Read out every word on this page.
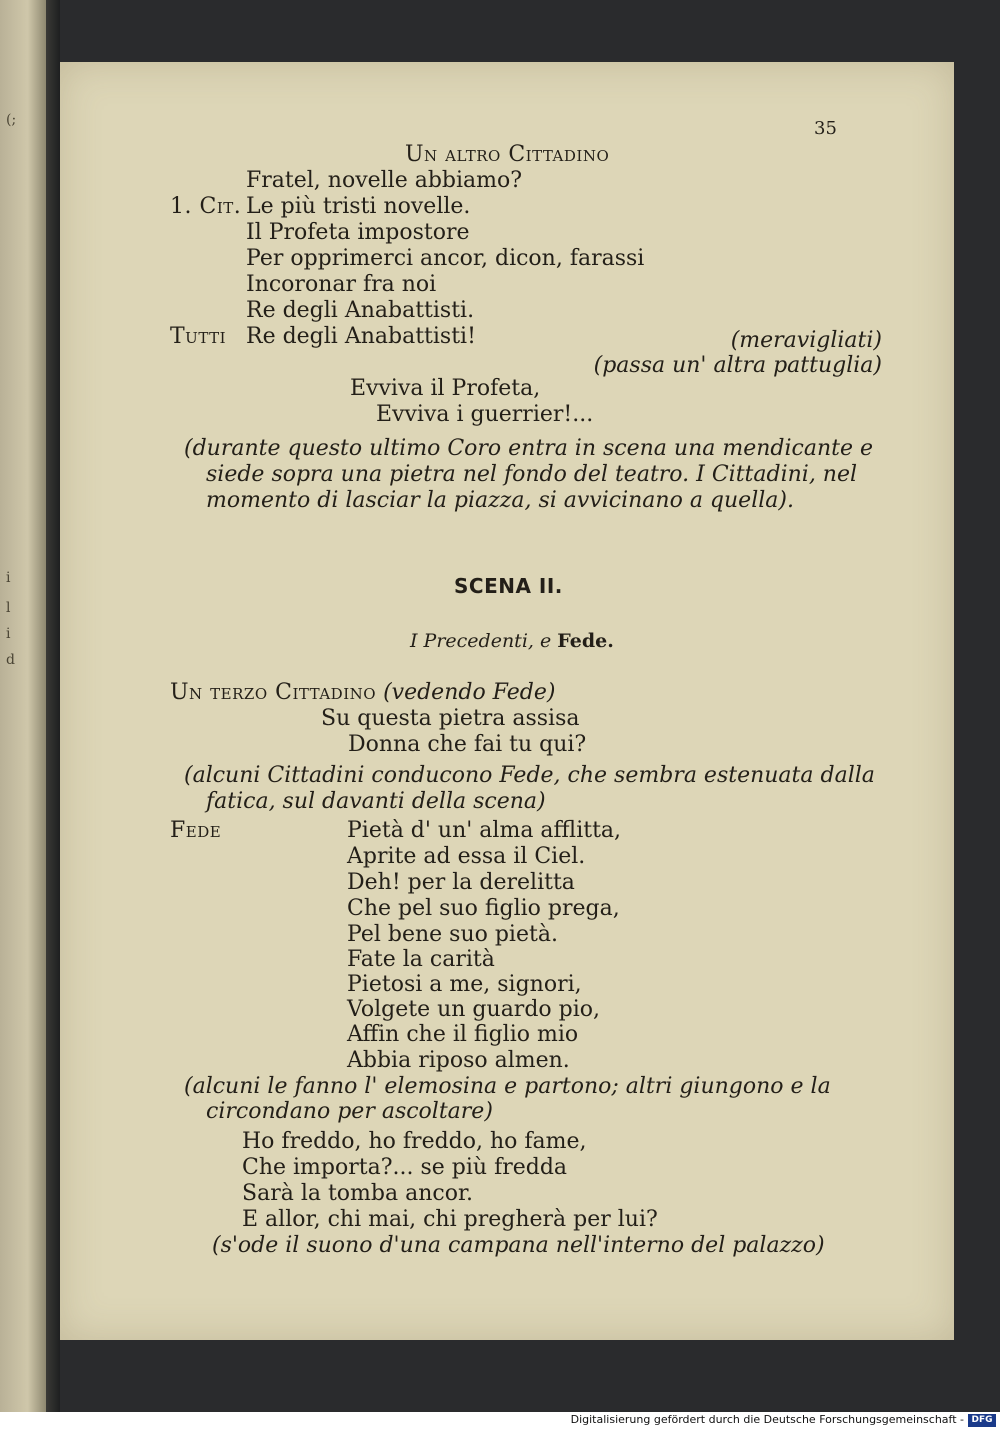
(;
i
l
i
d
35
Un altro Cittadino
Fratel, novelle abbiamo?
1. Cit. Le più tristi novelle.
Il Profeta impostore
Per opprimerci ancor, dicon, farassi
Incoronar fra noi
Re degli Anabattisti.
Tutti Re degli Anabattisti!	(meravigliati)
(passa un' altra pattuglia)
Evviva il Profeta,
Evviva i guerrier!...
(durante questo ultimo Coro entra in scena una mendicante e
siede sopra una pietra nel fondo del teatro. I Cittadini, nel
momento di lasciar la piazza, si avvicinano a quella).
SCENA II.
I Precedenti, e Fede.
Un terzo Cittadino (vedendo Fede)
Su questa pietra assisa
Donna che fai tu qui?
(alcuni Cittadini conducono Fede, che sembra estenuata dalla
fatica, sul davanti della scena)
Fede	Pietà d' un' alma afflitta,
Aprite ad essa il Ciel.
Deh! per la derelitta
Che pel suo figlio prega,
Pel bene suo pietà.
Fate la carità
Pietosi a me, signori,
Volgete un guardo pio,
Affin che il figlio mio
Abbia riposo almen.
(alcuni le fanno l' elemosina e partono; altri giungono e la
circondano per ascoltare)
Ho freddo, ho freddo, ho fame,
Che importa?... se più fredda
Sarà la tomba ancor.
E allor, chi mai, chi pregherà per lui?
(s'ode il suono d'una campana nell'interno del palazzo)
Digitalisierung gefördert durch die Deutsche Forschungsgemeinschaft - DFG
